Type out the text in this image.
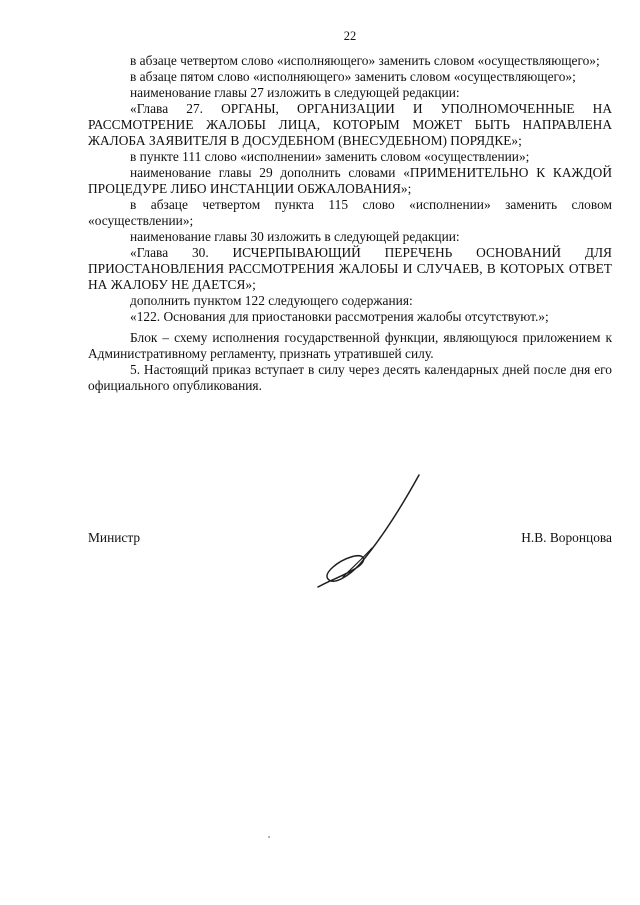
22

в абзаце четвертом слово «исполняющего» заменить словом «осуществляющего»;

в абзаце пятом слово «исполняющего» заменить словом «осуществляющего»;

наименование главы 27 изложить в следующей редакции:

«Глава 27. ОРГАНЫ, ОРГАНИЗАЦИИ И УПОЛНОМОЧЕННЫЕ НА РАССМОТРЕНИЕ ЖАЛОБЫ ЛИЦА, КОТОРЫМ МОЖЕТ БЫТЬ НАПРАВЛЕНА ЖАЛОБА ЗАЯВИТЕЛЯ В ДОСУДЕБНОМ (ВНЕСУДЕБНОМ) ПОРЯДКЕ»;

в пункте 111 слово «исполнении» заменить словом «осуществлении»;

наименование главы 29 дополнить словами «ПРИМЕНИТЕЛЬНО К КАЖДОЙ ПРОЦЕДУРЕ ЛИБО ИНСТАНЦИИ ОБЖАЛОВАНИЯ»;

в абзаце четвертом пункта 115 слово «исполнении» заменить словом «осуществлении»;

наименование главы 30 изложить в следующей редакции:

«Глава 30. ИСЧЕРПЫВАЮЩИЙ ПЕРЕЧЕНЬ ОСНОВАНИЙ ДЛЯ ПРИОСТАНОВЛЕНИЯ РАССМОТРЕНИЯ ЖАЛОБЫ И СЛУЧАЕВ, В КОТОРЫХ ОТВЕТ НА ЖАЛОБУ НЕ ДАЕТСЯ»;

дополнить пунктом 122 следующего содержания:

«122. Основания для приостановки рассмотрения жалобы отсутствуют.»;

Блок – схему исполнения государственной функции, являющуюся приложением к Административному регламенту, признать утратившей силу.

5. Настоящий приказ вступает в силу через десять календарных дней после дня его официального опубликования.

Министр	Н.В. Воронцова
